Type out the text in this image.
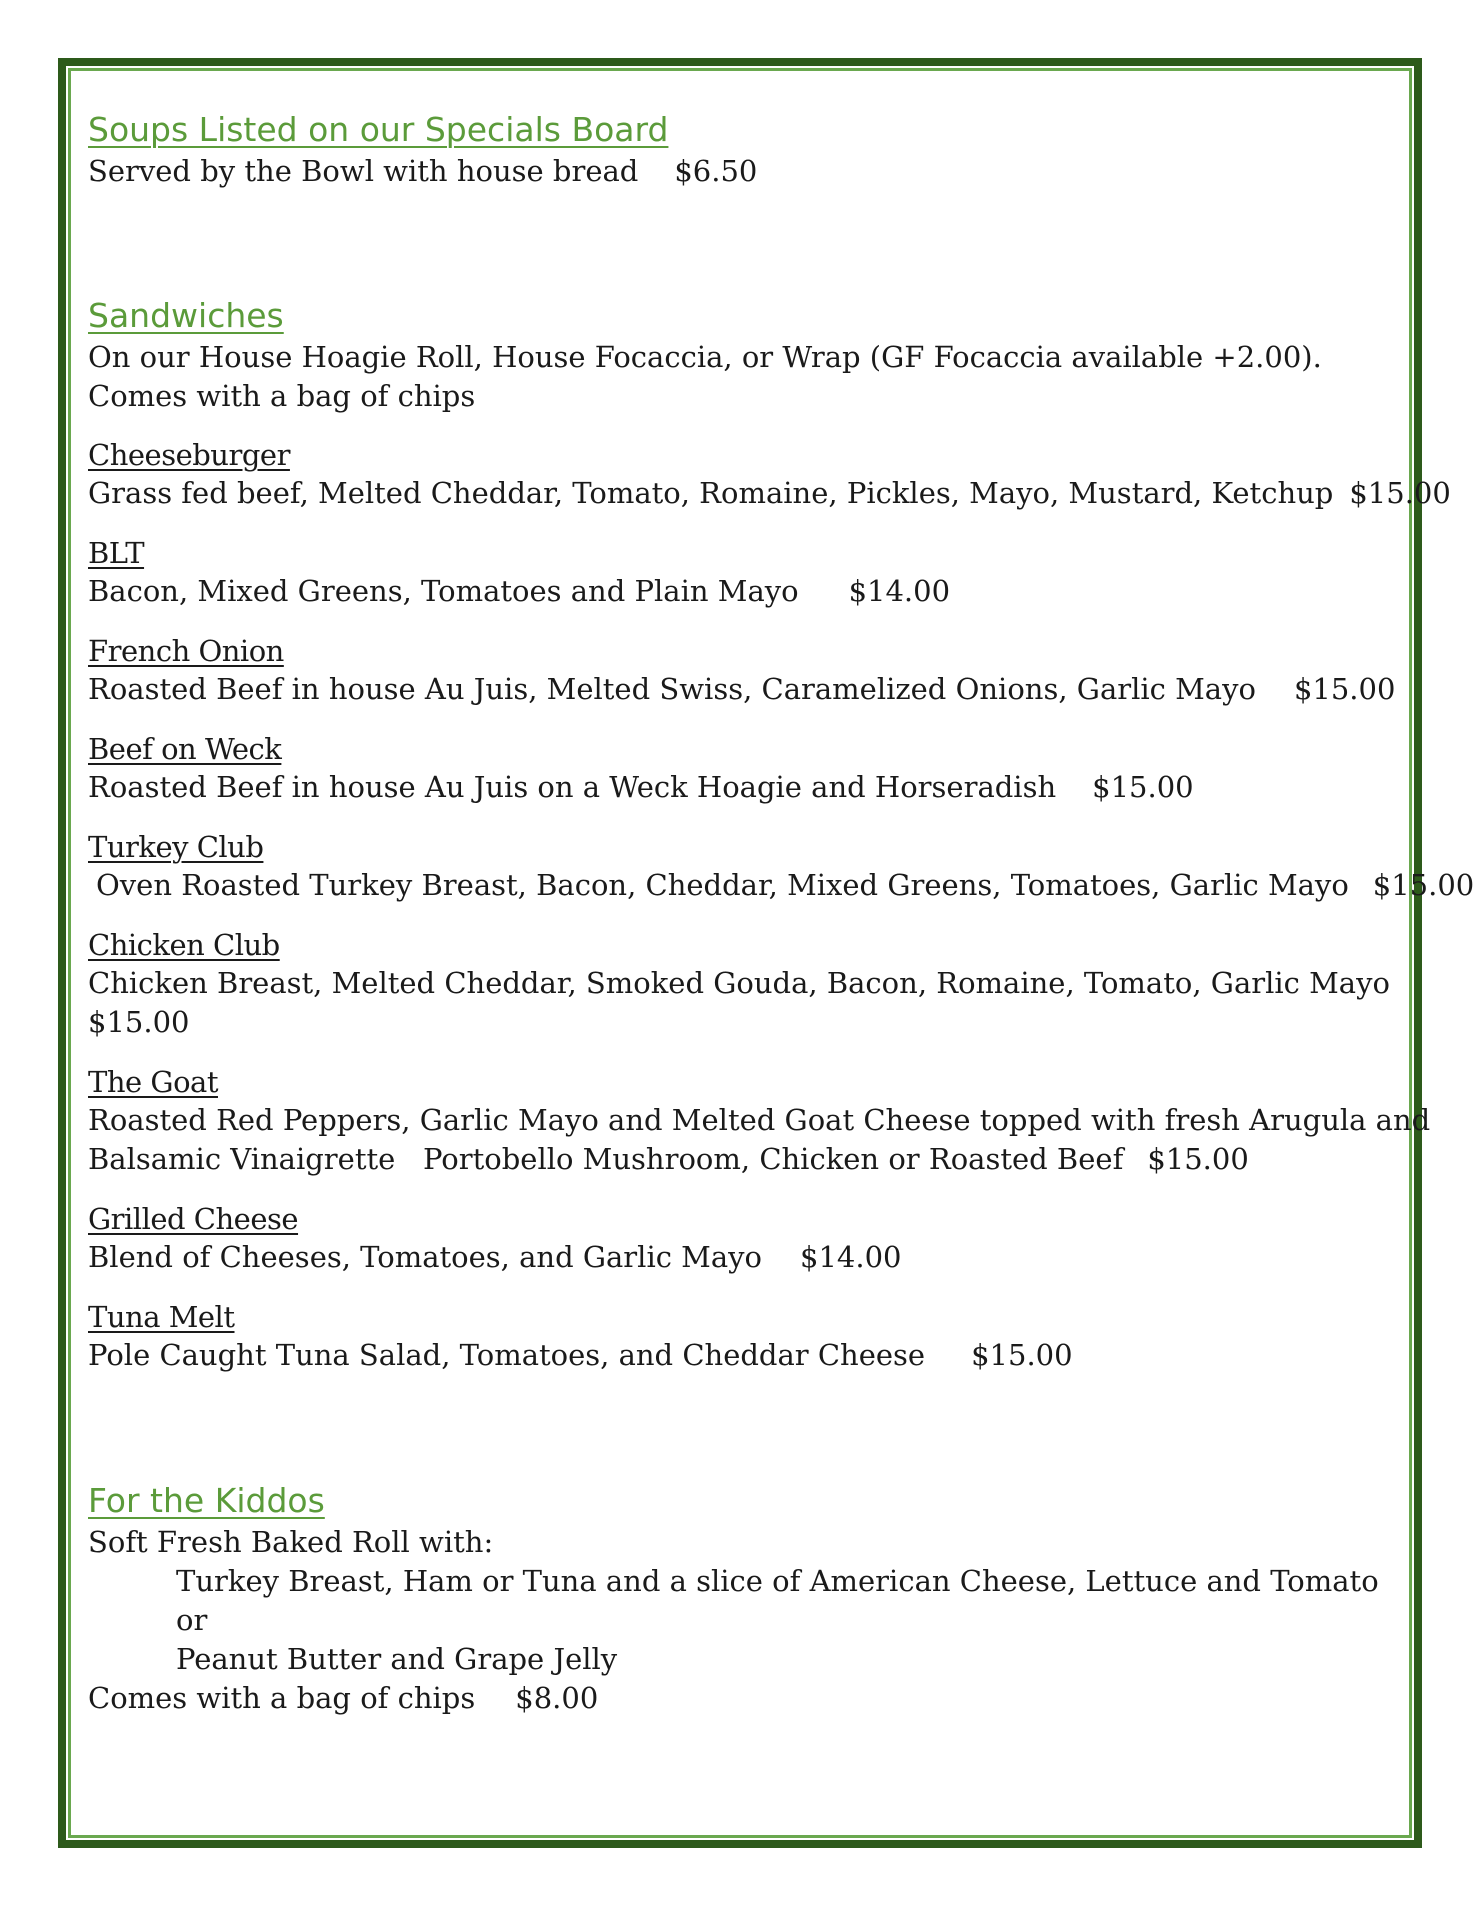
Soups Listed on our Specials Board

Served by the Bowl with house bread $6.50

Sandwiches

On our House Hoagie Roll, House Focaccia, or Wrap (GF Focaccia available +2.00).

Comes with a bag of chips

Cheeseburger

Grass fed beef, Melted Cheddar, Tomato, Romaine, Pickles, Mayo, Mustard, Ketchup $15.00

BLT

Bacon, Mixed Greens, Tomatoes and Plain Mayo $14.00

French Onion

Roasted Beef in house Au Juis, Melted Swiss, Caramelized Onions, Garlic Mayo $15.00

Beef on Weck

Roasted Beef in house Au Juis on a Weck Hoagie and Horseradish $15.00

Turkey Club

Oven Roasted Turkey Breast, Bacon, Cheddar, Mixed Greens, Tomatoes, Garlic Mayo $15.00

Chicken Club

Chicken Breast, Melted Cheddar, Smoked Gouda, Bacon, Romaine, Tomato, Garlic Mayo

$15.00

The Goat

Roasted Red Peppers, Garlic Mayo and Melted Goat Cheese topped with fresh Arugula and

Balsamic Vinaigrette   Portobello Mushroom, Chicken or Roasted Beef $15.00

Grilled Cheese

Blend of Cheeses, Tomatoes, and Garlic Mayo $14.00

Tuna Melt

Pole Caught Tuna Salad, Tomatoes, and Cheddar Cheese $15.00

For the Kiddos

Soft Fresh Baked Roll with:

Turkey Breast, Ham or Tuna and a slice of American Cheese, Lettuce and Tomato

or

Peanut Butter and Grape Jelly

Comes with a bag of chips $8.00
